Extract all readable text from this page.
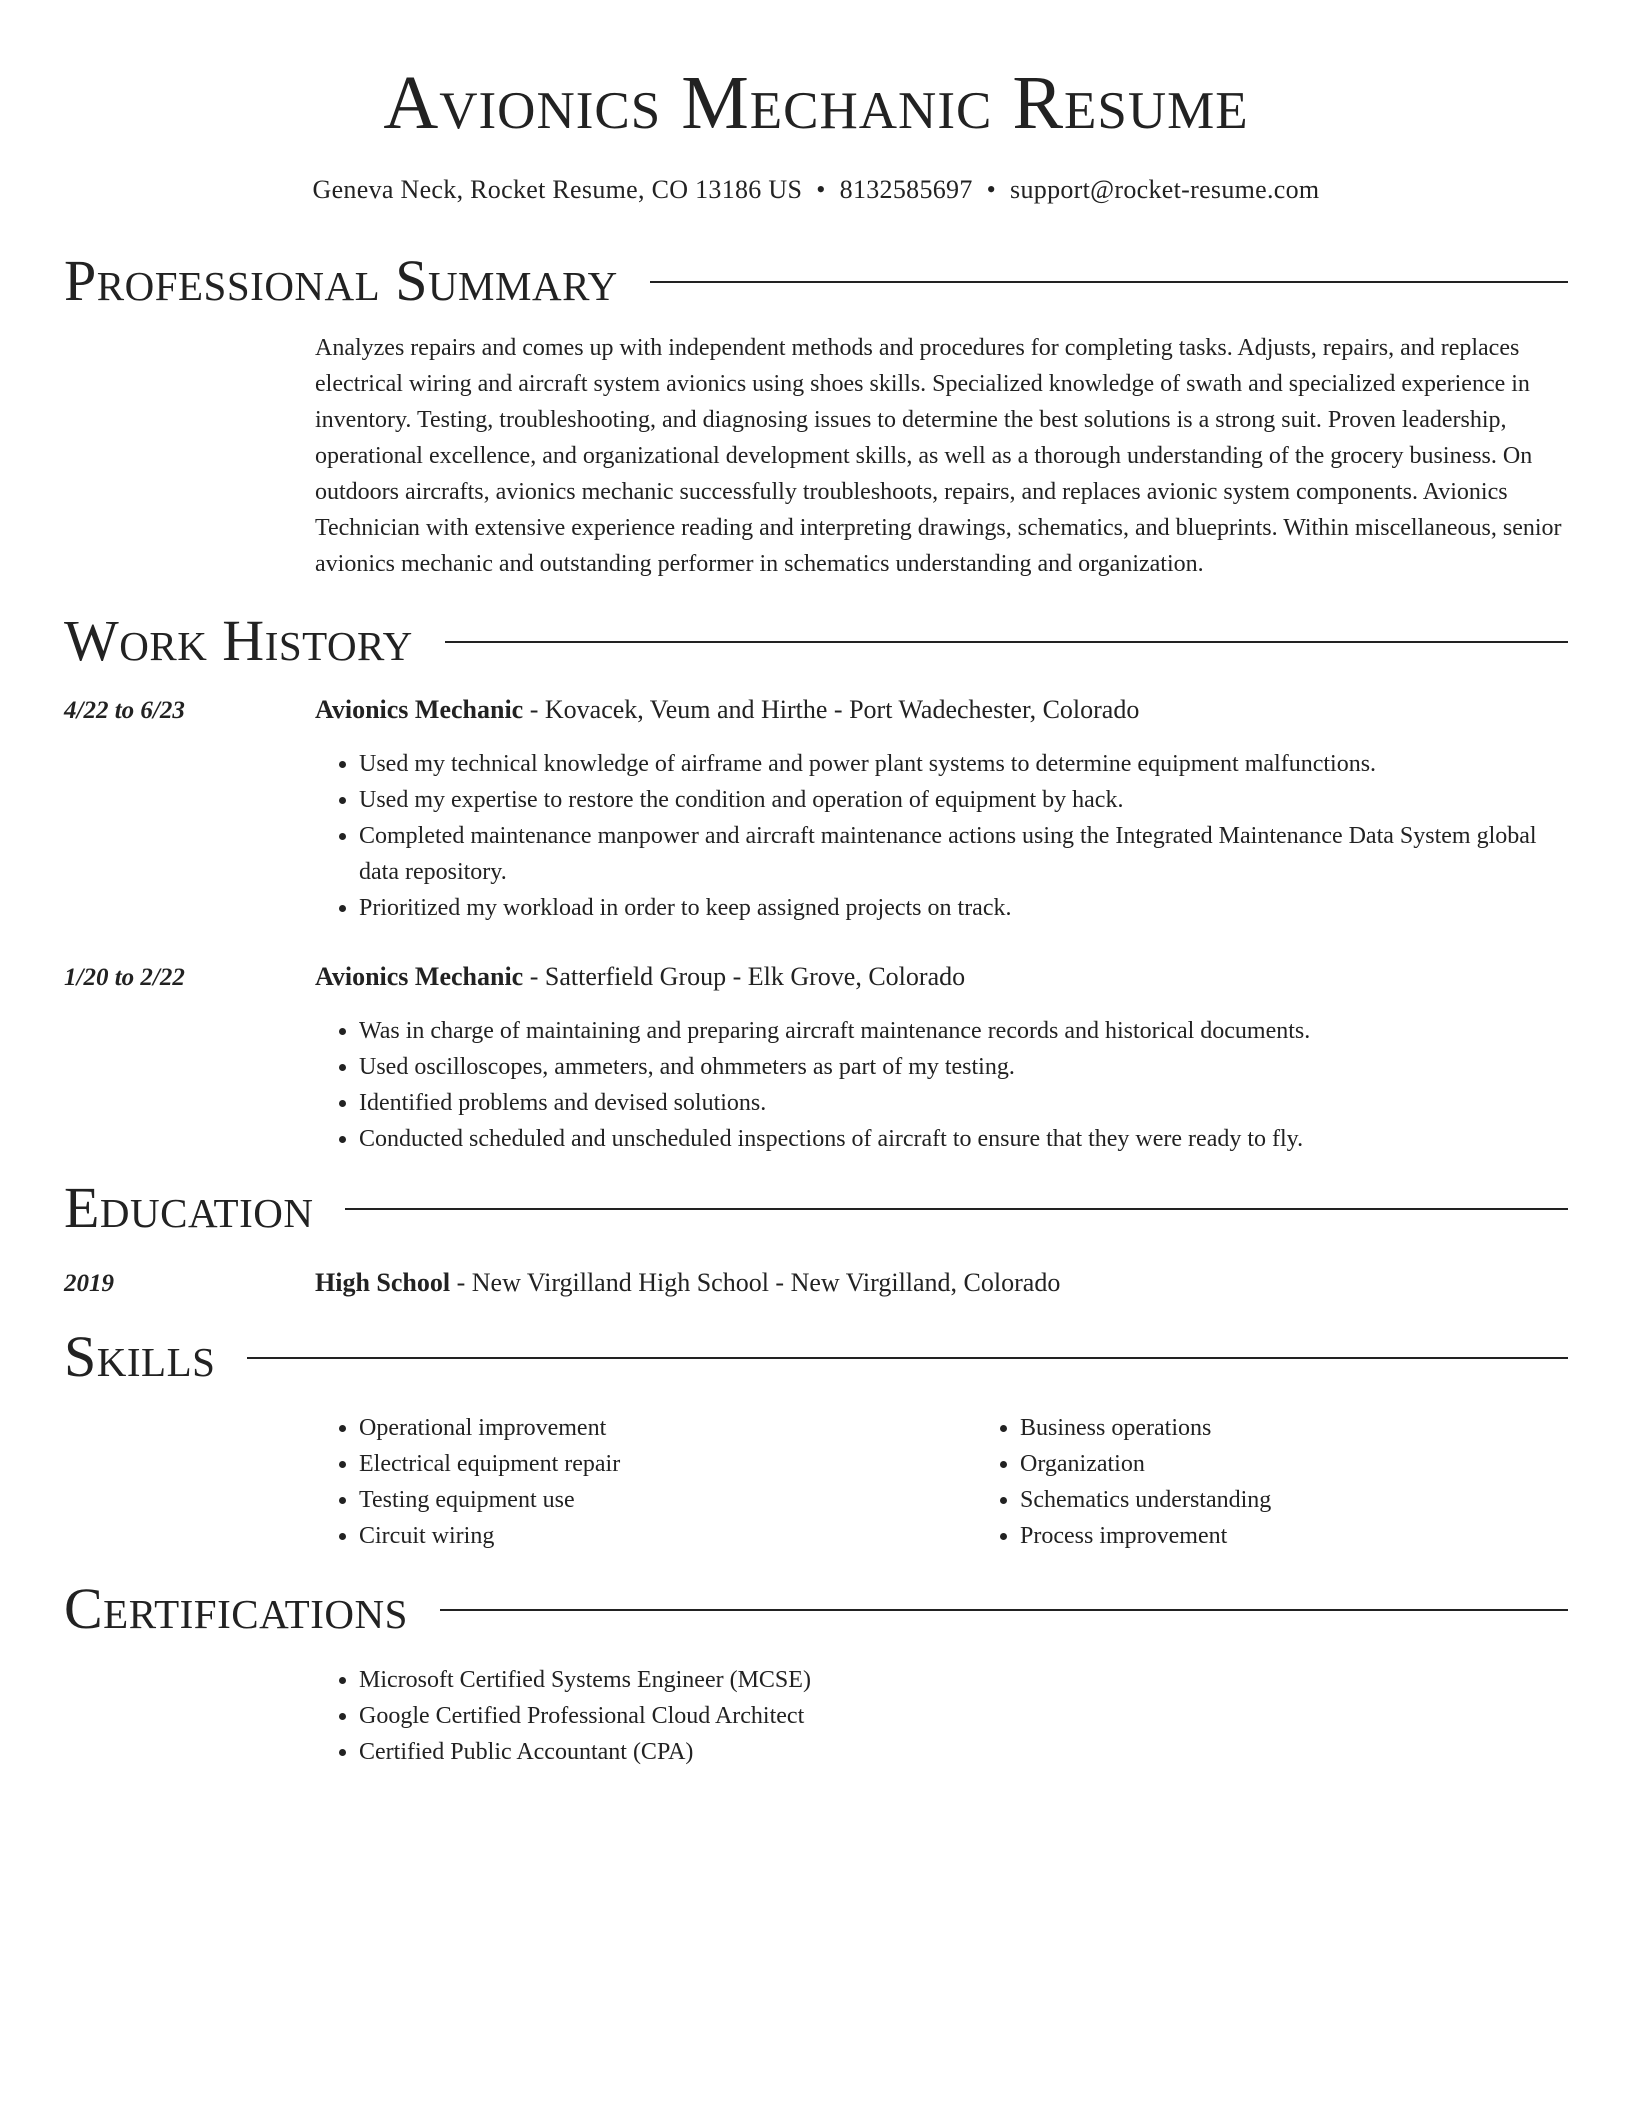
Avionics Mechanic Resume
Geneva Neck, Rocket Resume, CO 13186 US • 8132585697 • support@rocket-resume.com
Professional Summary

Analyzes repairs and comes up with independent methods and procedures for completing tasks. Adjusts, repairs, and replaces electrical wiring and aircraft system avionics using shoes skills. Specialized knowledge of swath and specialized experience in inventory. Testing, troubleshooting, and diagnosing issues to determine the best solutions is a strong suit. Proven leadership, operational excellence, and organizational development skills, as well as a thorough understanding of the grocery business. On outdoors aircrafts, avionics mechanic successfully troubleshoots, repairs, and replaces avionic system components. Avionics Technician with extensive experience reading and interpreting drawings, schematics, and blueprints. Within miscellaneous, senior avionics mechanic and outstanding performer in schematics understanding and organization.

Work History
4/22 to 6/23	Avionics Mechanic - Kovacek, Veum and Hirthe - Port Wadechester, Colorado
• Used my technical knowledge of airframe and power plant systems to determine equipment malfunctions.
• Used my expertise to restore the condition and operation of equipment by hack.
• Completed maintenance manpower and aircraft maintenance actions using the Integrated Maintenance Data System global data repository.
• Prioritized my workload in order to keep assigned projects on track.
1/20 to 2/22	Avionics Mechanic - Satterfield Group - Elk Grove, Colorado
• Was in charge of maintaining and preparing aircraft maintenance records and historical documents.
• Used oscilloscopes, ammeters, and ohmmeters as part of my testing.
• Identified problems and devised solutions.
• Conducted scheduled and unscheduled inspections of aircraft to ensure that they were ready to fly.
Education
2019	High School - New Virgilland High School - New Virgilland, Colorado
Skills
• Operational improvement
• Electrical equipment repair
• Testing equipment use
• Circuit wiring
• Business operations
• Organization
• Schematics understanding
• Process improvement
Certifications
• Microsoft Certified Systems Engineer (MCSE)
• Google Certified Professional Cloud Architect
• Certified Public Accountant (CPA)
